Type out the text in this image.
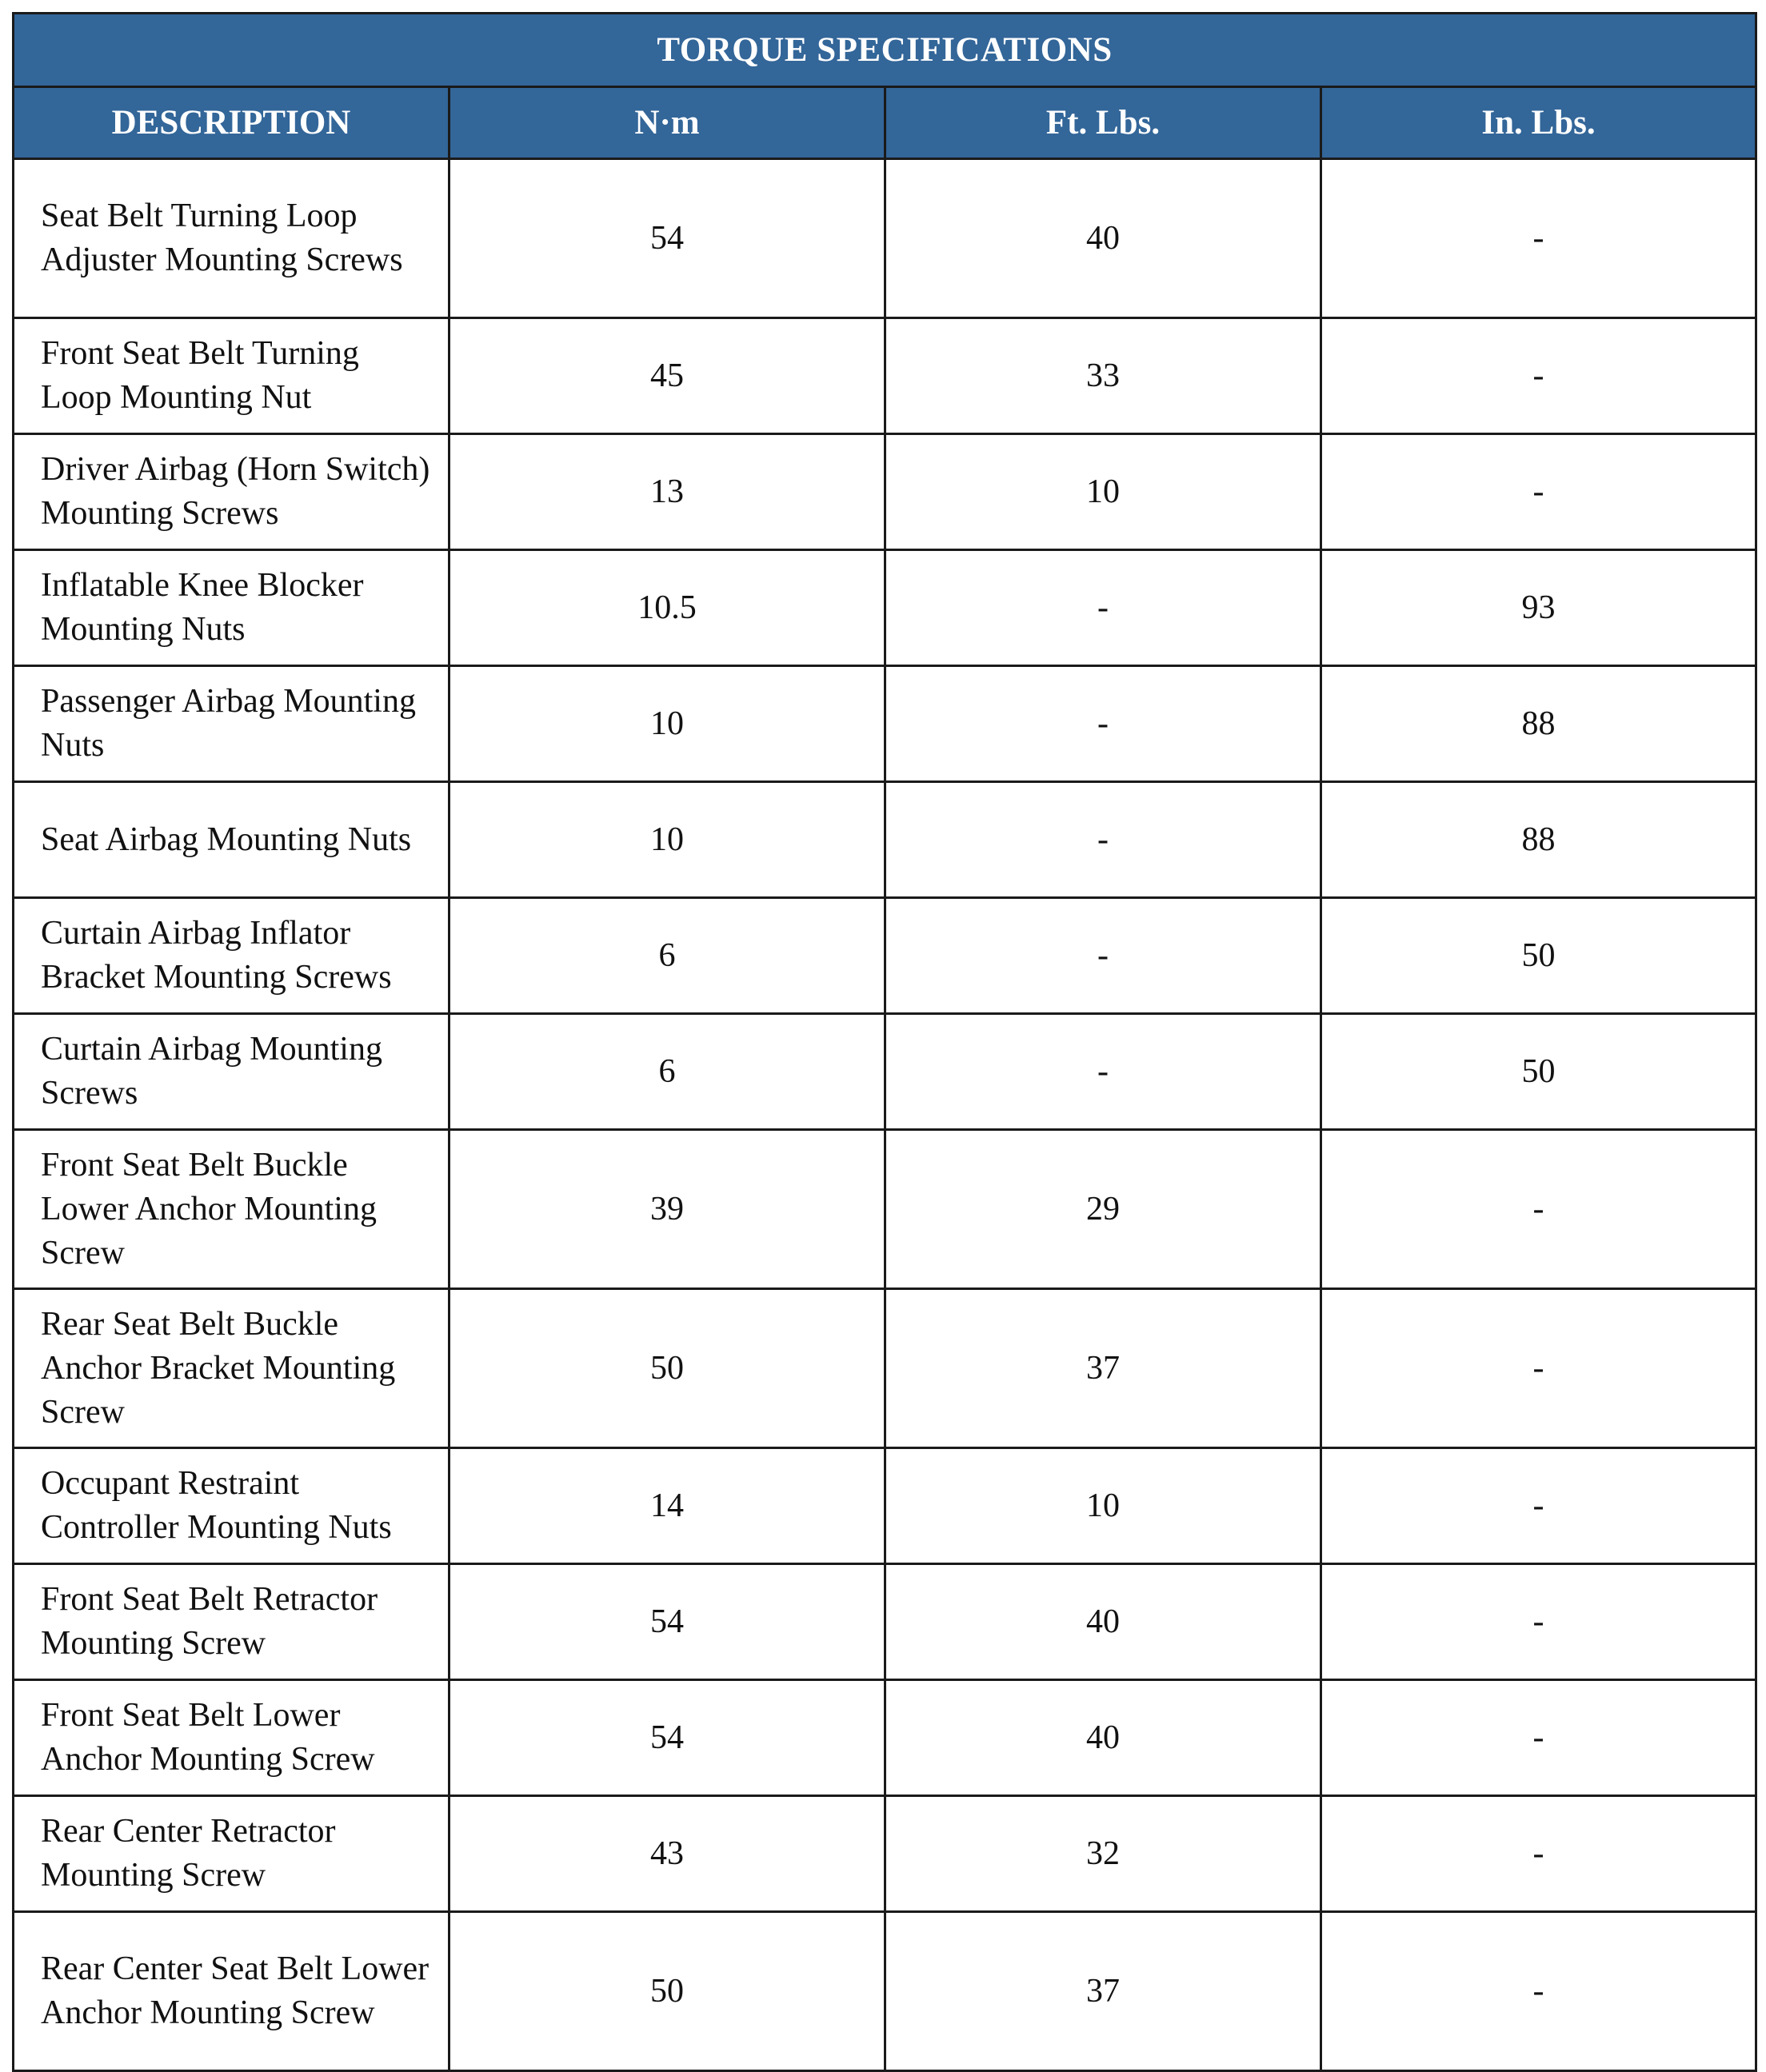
TORQUE SPECIFICATIONS			
DESCRIPTION	N·m	Ft. Lbs.	In. Lbs.
Seat Belt Turning Loop Adjuster Mounting Screws	54	40	-
Front Seat Belt Turning Loop Mounting Nut	45	33	-
Driver Airbag (Horn Switch) Mounting Screws	13	10	-
Inflatable Knee Blocker Mounting Nuts	10.5	-	93
Passenger Airbag Mounting Nuts	10	-	88
Seat Airbag Mounting Nuts	10	-	88
Curtain Airbag Inflator Bracket Mounting Screws	6	-	50
Curtain Airbag Mounting Screws	6	-	50
Front Seat Belt Buckle Lower Anchor Mounting Screw	39	29	-
Rear Seat Belt Buckle Anchor Bracket Mounting Screw	50	37	-
Occupant Restraint Controller Mounting Nuts	14	10	-
Front Seat Belt Retractor Mounting Screw	54	40	-
Front Seat Belt Lower Anchor Mounting Screw	54	40	-
Rear Center Retractor Mounting Screw	43	32	-
Rear Center Seat Belt Lower Anchor Mounting Screw	50	37	-
